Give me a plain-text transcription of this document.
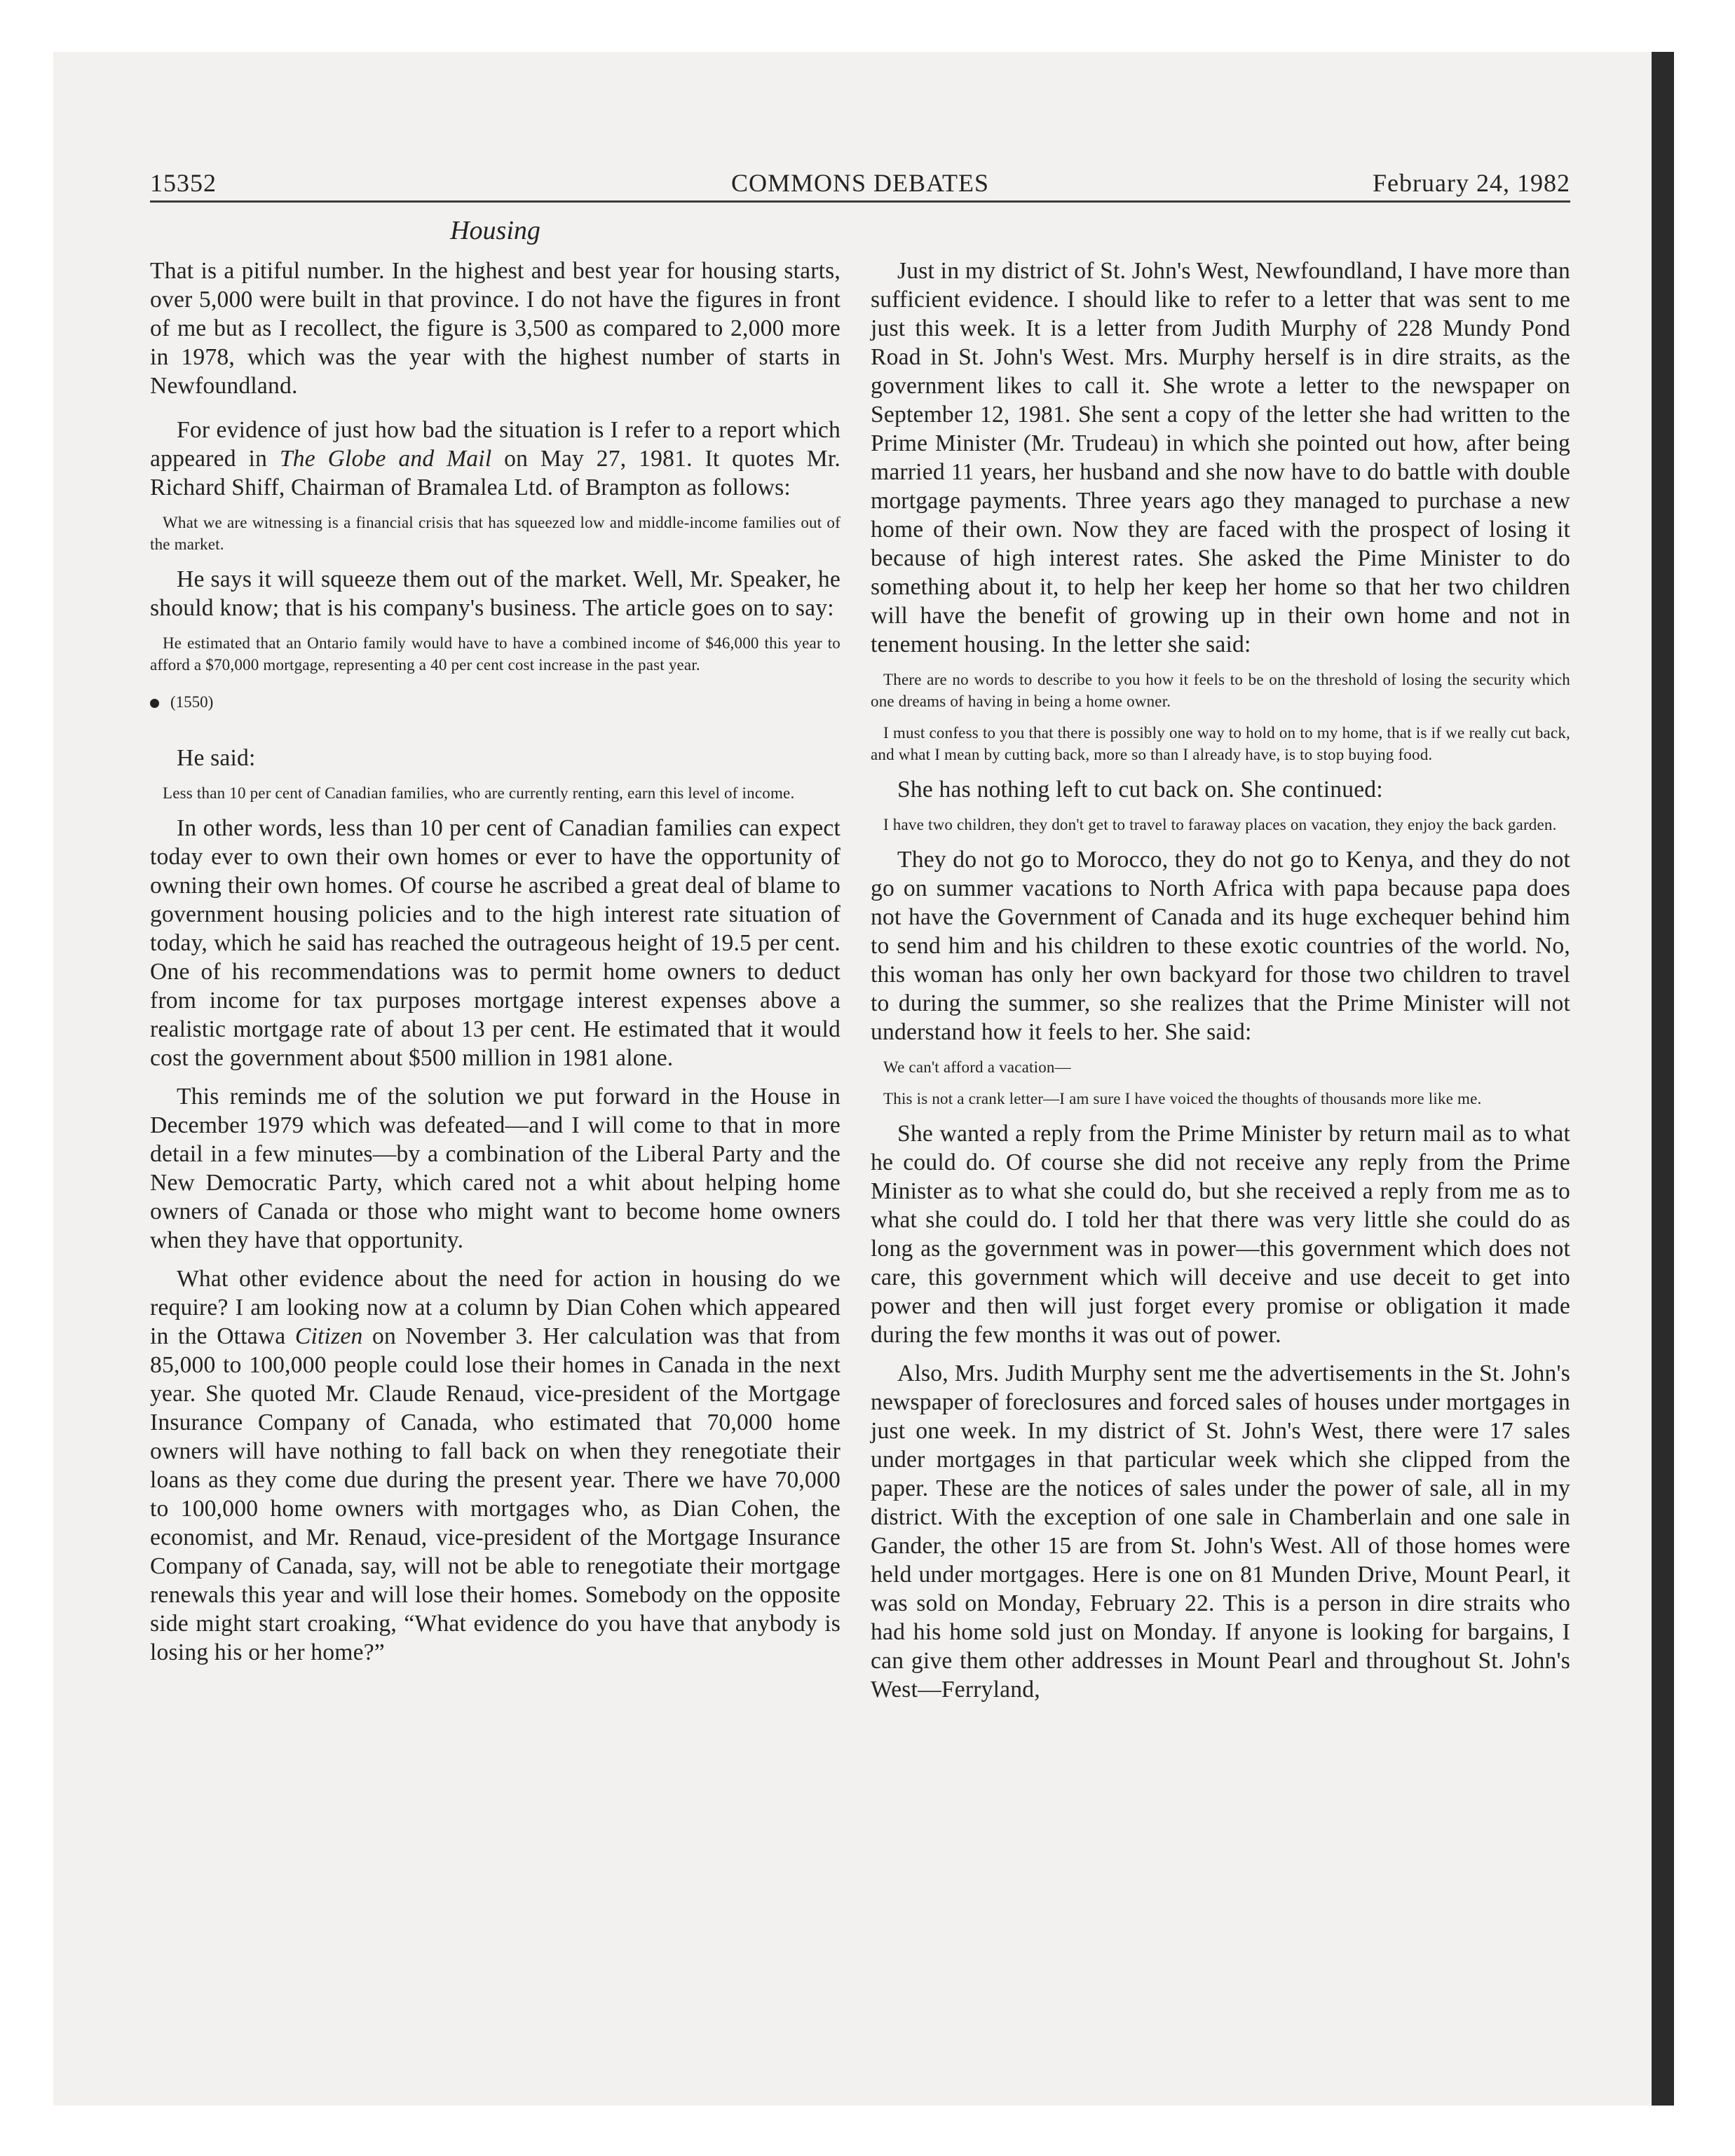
15352	COMMONS DEBATES	February 24, 1982
Housing

That is a pitiful number. In the highest and best year for housing starts, over 5,000 were built in that province. I do not have the figures in front of me but as I recollect, the figure is 3,500 as compared to 2,000 more in 1978, which was the year with the highest number of starts in Newfoundland.

For evidence of just how bad the situation is I refer to a report which appeared in The Globe and Mail on May 27, 1981. It quotes Mr. Richard Shiff, Chairman of Bramalea Ltd. of Brampton as follows:

What we are witnessing is a financial crisis that has squeezed low and middle-income families out of the market.

He says it will squeeze them out of the market. Well, Mr. Speaker, he should know; that is his company's business. The article goes on to say:

He estimated that an Ontario family would have to have a combined income of $46,000 this year to afford a $70,000 mortgage, representing a 40 per cent cost increase in the past year.
(1550)

He said:

Less than 10 per cent of Canadian families, who are currently renting, earn this level of income.

In other words, less than 10 per cent of Canadian families can expect today ever to own their own homes or ever to have the opportunity of owning their own homes. Of course he ascribed a great deal of blame to government housing policies and to the high interest rate situation of today, which he said has reached the outrageous height of 19.5 per cent. One of his recommendations was to permit home owners to deduct from income for tax purposes mortgage interest expenses above a realistic mortgage rate of about 13 per cent. He estimated that it would cost the government about $500 million in 1981 alone.

This reminds me of the solution we put forward in the House in December 1979 which was defeated—and I will come to that in more detail in a few minutes—by a combination of the Liberal Party and the New Democratic Party, which cared not a whit about helping home owners of Canada or those who might want to become home owners when they have that opportunity.

What other evidence about the need for action in housing do we require? I am looking now at a column by Dian Cohen which appeared in the Ottawa Citizen on November 3. Her calculation was that from 85,000 to 100,000 people could lose their homes in Canada in the next year. She quoted Mr. Claude Renaud, vice-president of the Mortgage Insurance Company of Canada, who estimated that 70,000 home owners will have nothing to fall back on when they renegotiate their loans as they come due during the present year. There we have 70,000 to 100,000 home owners with mortgages who, as Dian Cohen, the economist, and Mr. Renaud, vice-president of the Mortgage Insurance Company of Canada, say, will not be able to renegotiate their mortgage renewals this year and will lose their homes. Somebody on the opposite side might start croaking, “What evidence do you have that anybody is losing his or her home?”

Just in my district of St. John's West, Newfoundland, I have more than sufficient evidence. I should like to refer to a letter that was sent to me just this week. It is a letter from Judith Murphy of 228 Mundy Pond Road in St. John's West. Mrs. Murphy herself is in dire straits, as the government likes to call it. She wrote a letter to the newspaper on September 12, 1981. She sent a copy of the letter she had written to the Prime Minister (Mr. Trudeau) in which she pointed out how, after being married 11 years, her husband and she now have to do battle with double mortgage payments. Three years ago they managed to purchase a new home of their own. Now they are faced with the prospect of losing it because of high interest rates. She asked the Pime Minister to do something about it, to help her keep her home so that her two children will have the benefit of growing up in their own home and not in tenement housing. In the letter she said:

There are no words to describe to you how it feels to be on the threshold of losing the security which one dreams of having in being a home owner.
I must confess to you that there is possibly one way to hold on to my home, that is if we really cut back, and what I mean by cutting back, more so than I already have, is to stop buying food.

She has nothing left to cut back on. She continued:

I have two children, they don't get to travel to faraway places on vacation, they enjoy the back garden.

They do not go to Morocco, they do not go to Kenya, and they do not go on summer vacations to North Africa with papa because papa does not have the Government of Canada and its huge exchequer behind him to send him and his children to these exotic countries of the world. No, this woman has only her own backyard for those two children to travel to during the summer, so she realizes that the Prime Minister will not understand how it feels to her. She said:

We can't afford a vacation—
This is not a crank letter—I am sure I have voiced the thoughts of thousands more like me.

She wanted a reply from the Prime Minister by return mail as to what he could do. Of course she did not receive any reply from the Prime Minister as to what she could do, but she received a reply from me as to what she could do. I told her that there was very little she could do as long as the government was in power—this government which does not care, this government which will deceive and use deceit to get into power and then will just forget every promise or obligation it made during the few months it was out of power.

Also, Mrs. Judith Murphy sent me the advertisements in the St. John's newspaper of foreclosures and forced sales of houses under mortgages in just one week. In my district of St. John's West, there were 17 sales under mortgages in that particular week which she clipped from the paper. These are the notices of sales under the power of sale, all in my district. With the exception of one sale in Chamberlain and one sale in Gander, the other 15 are from St. John's West. All of those homes were held under mortgages. Here is one on 81 Munden Drive, Mount Pearl, it was sold on Monday, February 22. This is a person in dire straits who had his home sold just on Monday. If anyone is looking for bargains, I can give them other addresses in Mount Pearl and throughout St. John's West—Ferryland,
